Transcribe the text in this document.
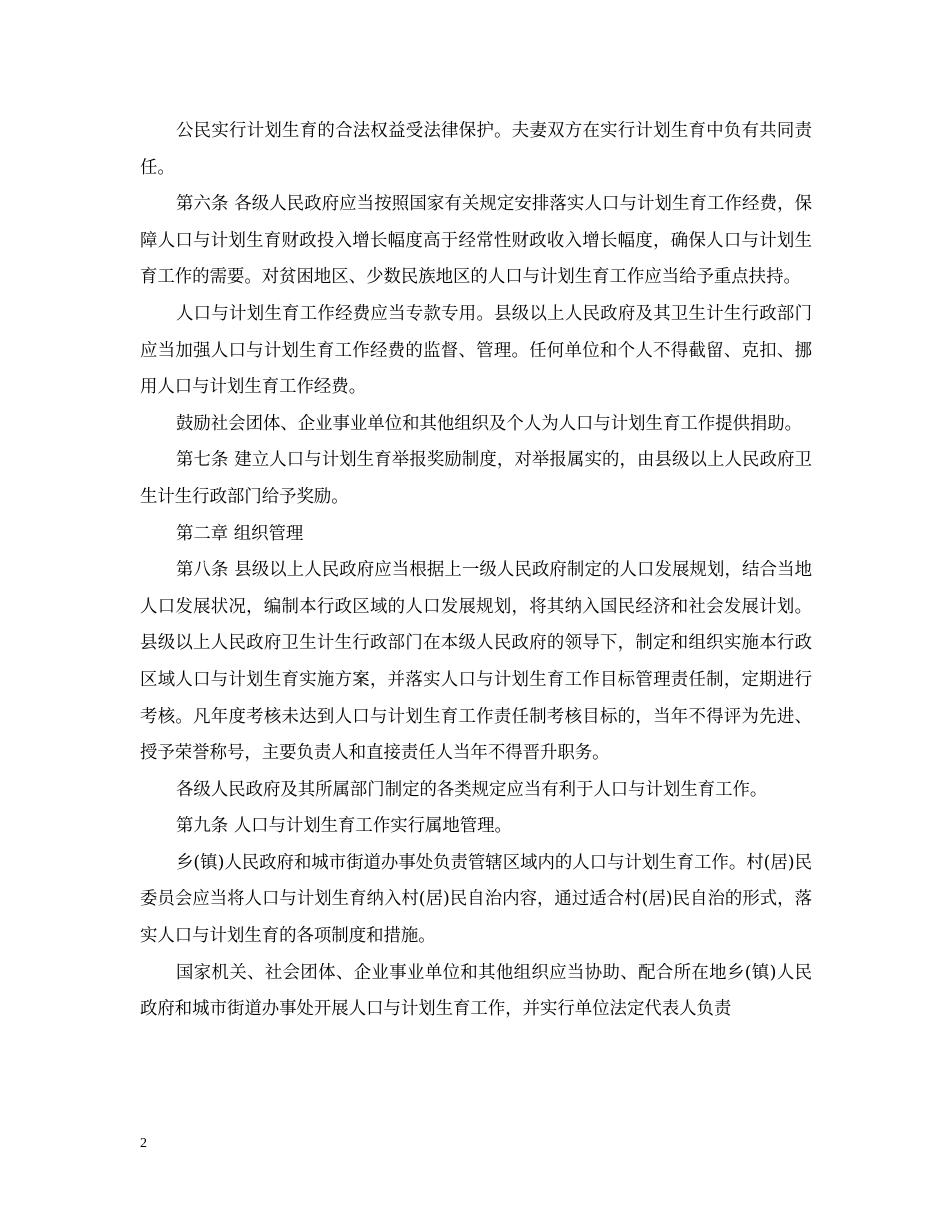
公民实行计划生育的合法权益受法律保护。夫妻双方在实行计划生育中负有共同责任。

第六条 各级人民政府应当按照国家有关规定安排落实人口与计划生育工作经费，保障人口与计划生育财政投入增长幅度高于经常性财政收入增长幅度，确保人口与计划生育工作的需要。对贫困地区、少数民族地区的人口与计划生育工作应当给予重点扶持。

人口与计划生育工作经费应当专款专用。县级以上人民政府及其卫生计生行政部门应当加强人口与计划生育工作经费的监督、管理。任何单位和个人不得截留、克扣、挪用人口与计划生育工作经费。

鼓励社会团体、企业事业单位和其他组织及个人为人口与计划生育工作提供捐助。

第七条 建立人口与计划生育举报奖励制度，对举报属实的，由县级以上人民政府卫生计生行政部门给予奖励。

第二章 组织管理

第八条 县级以上人民政府应当根据上一级人民政府制定的人口发展规划，结合当地人口发展状况，编制本行政区域的人口发展规划，将其纳入国民经济和社会发展计划。县级以上人民政府卫生计生行政部门在本级人民政府的领导下，制定和组织实施本行政区域人口与计划生育实施方案，并落实人口与计划生育工作目标管理责任制，定期进行考核。凡年度考核未达到人口与计划生育工作责任制考核目标的，当年不得评为先进、授予荣誉称号，主要负责人和直接责任人当年不得晋升职务。

各级人民政府及其所属部门制定的各类规定应当有利于人口与计划生育工作。

第九条 人口与计划生育工作实行属地管理。

乡(镇)人民政府和城市街道办事处负责管辖区域内的人口与计划生育工作。村(居)民委员会应当将人口与计划生育纳入村(居)民自治内容，通过适合村(居)民自治的形式，落实人口与计划生育的各项制度和措施。

国家机关、社会团体、企业事业单位和其他组织应当协助、配合所在地乡(镇)人民政府和城市街道办事处开展人口与计划生育工作，并实行单位法定代表人负责

2
